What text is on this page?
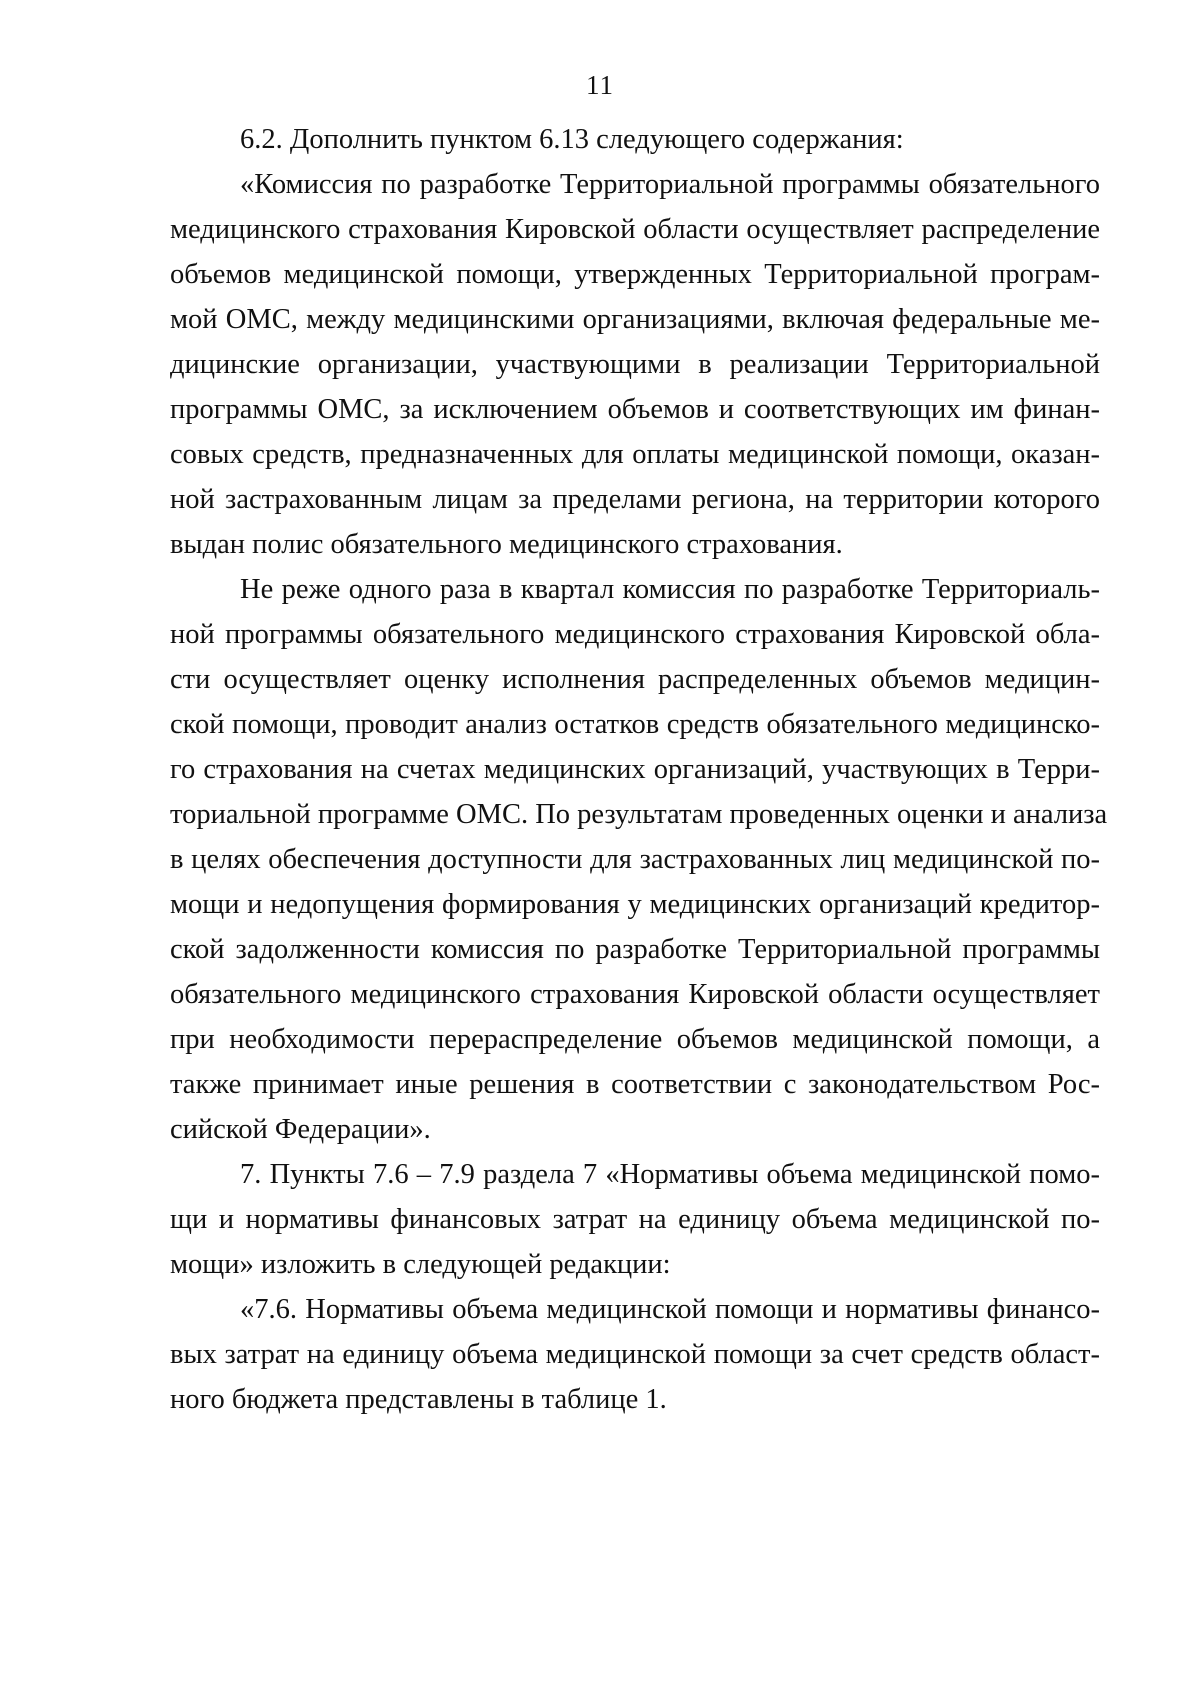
11
6.2. Дополнить пунктом 6.13 следующего содержания:
«Комиссия по разработке Территориальной программы обязательного
медицинского страхования Кировской области осуществляет распределение
объемов медицинской помощи, утвержденных Территориальной програм-
мой ОМС, между медицинскими организациями, включая федеральные ме-
дицинские организации, участвующими в реализации Территориальной
программы ОМС, за исключением объемов и соответствующих им финан-
совых средств, предназначенных для оплаты медицинской помощи, оказан-
ной застрахованным лицам за пределами региона, на территории которого
выдан полис обязательного медицинского страхования.
Не реже одного раза в квартал комиссия по разработке Территориаль-
ной программы обязательного медицинского страхования Кировской обла-
сти осуществляет оценку исполнения распределенных объемов медицин-
ской помощи, проводит анализ остатков средств обязательного медицинско-
го страхования на счетах медицинских организаций, участвующих в Терри-
ториальной программе ОМС. По результатам проведенных оценки и анализа
в целях обеспечения доступности для застрахованных лиц медицинской по-
мощи и недопущения формирования у медицинских организаций кредитор-
ской задолженности комиссия по разработке Территориальной программы
обязательного медицинского страхования Кировской области осуществляет
при необходимости перераспределение объемов медицинской помощи, а
также принимает иные решения в соответствии с законодательством Рос-
сийской Федерации».
7. Пункты 7.6 – 7.9 раздела 7 «Нормативы объема медицинской помо-
щи и нормативы финансовых затрат на единицу объема медицинской по-
мощи» изложить в следующей редакции:
«7.6. Нормативы объема медицинской помощи и нормативы финансо-
вых затрат на единицу объема медицинской помощи за счет средств област-
ного бюджета представлены в таблице 1.
